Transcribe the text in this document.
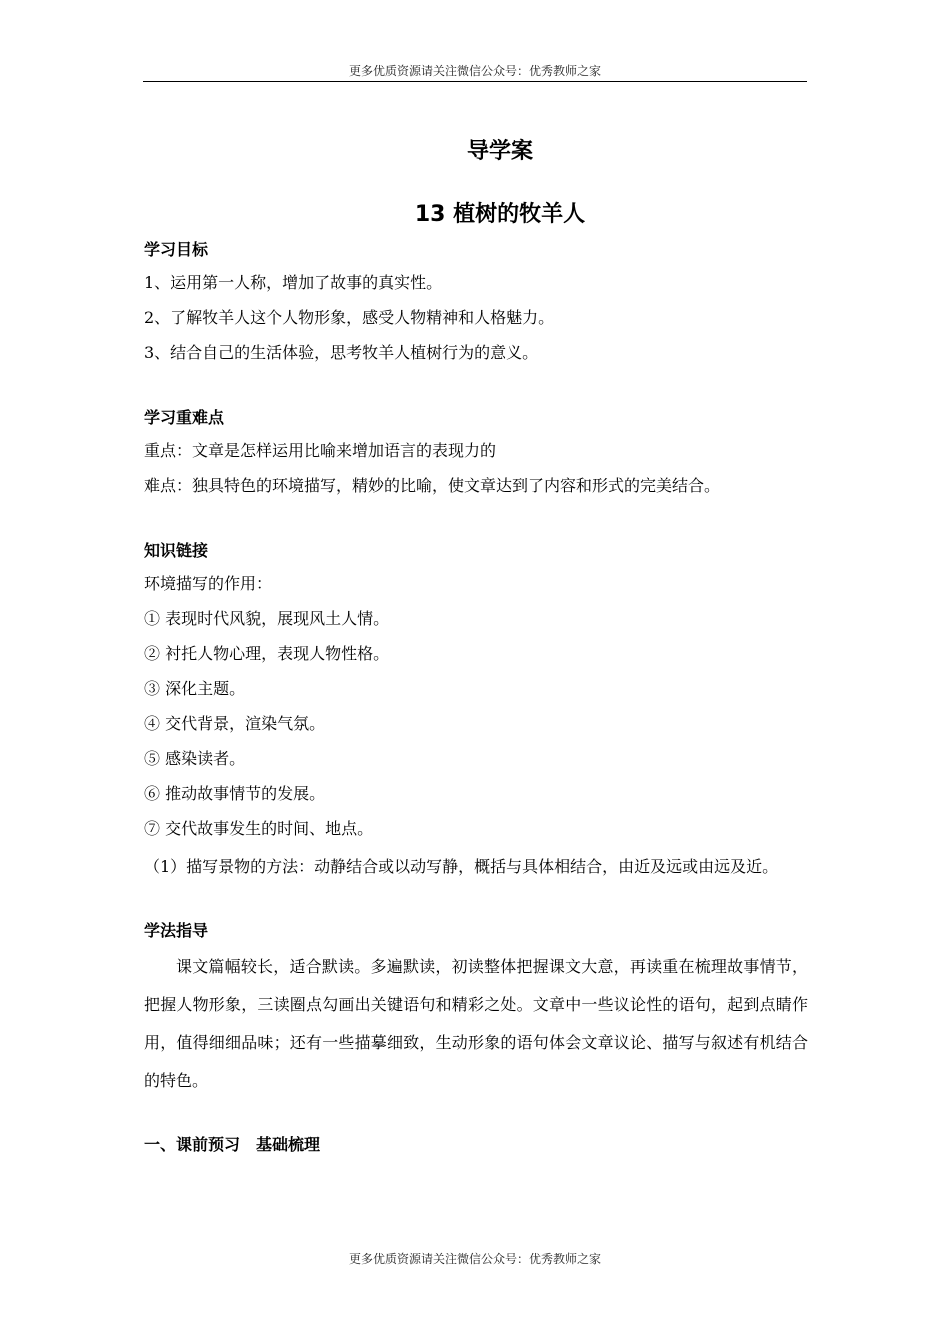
更多优质资源请关注微信公众号：优秀教师之家
导学案
13 植树的牧羊人
学习目标
1、运用第一人称，增加了故事的真实性。
2、了解牧羊人这个人物形象，感受人物精神和人格魅力。
3、结合自己的生活体验，思考牧羊人植树行为的意义。
学习重难点
重点：文章是怎样运用比喻来增加语言的表现力的
难点：独具特色的环境描写，精妙的比喻，使文章达到了内容和形式的完美结合。
知识链接
环境描写的作用：
① 表现时代风貌，展现风土人情。
② 衬托人物心理，表现人物性格。
③ 深化主题。
④ 交代背景，渲染气氛。
⑤ 感染读者。
⑥ 推动故事情节的发展。
⑦ 交代故事发生的时间、地点。
（1）描写景物的方法：动静结合或以动写静，概括与具体相结合，由近及远或由远及近。
学法指导
课文篇幅较长，适合默读。多遍默读，初读整体把握课文大意，再读重在梳理故事情节，把握人物形象，三读圈点勾画出关键语句和精彩之处。文章中一些议论性的语句，起到点睛作用，值得细细品味；还有一些描摹细致，生动形象的语句体会文章议论、描写与叙述有机结合的特色。
一、课前预习　基础梳理
更多优质资源请关注微信公众号：优秀教师之家
